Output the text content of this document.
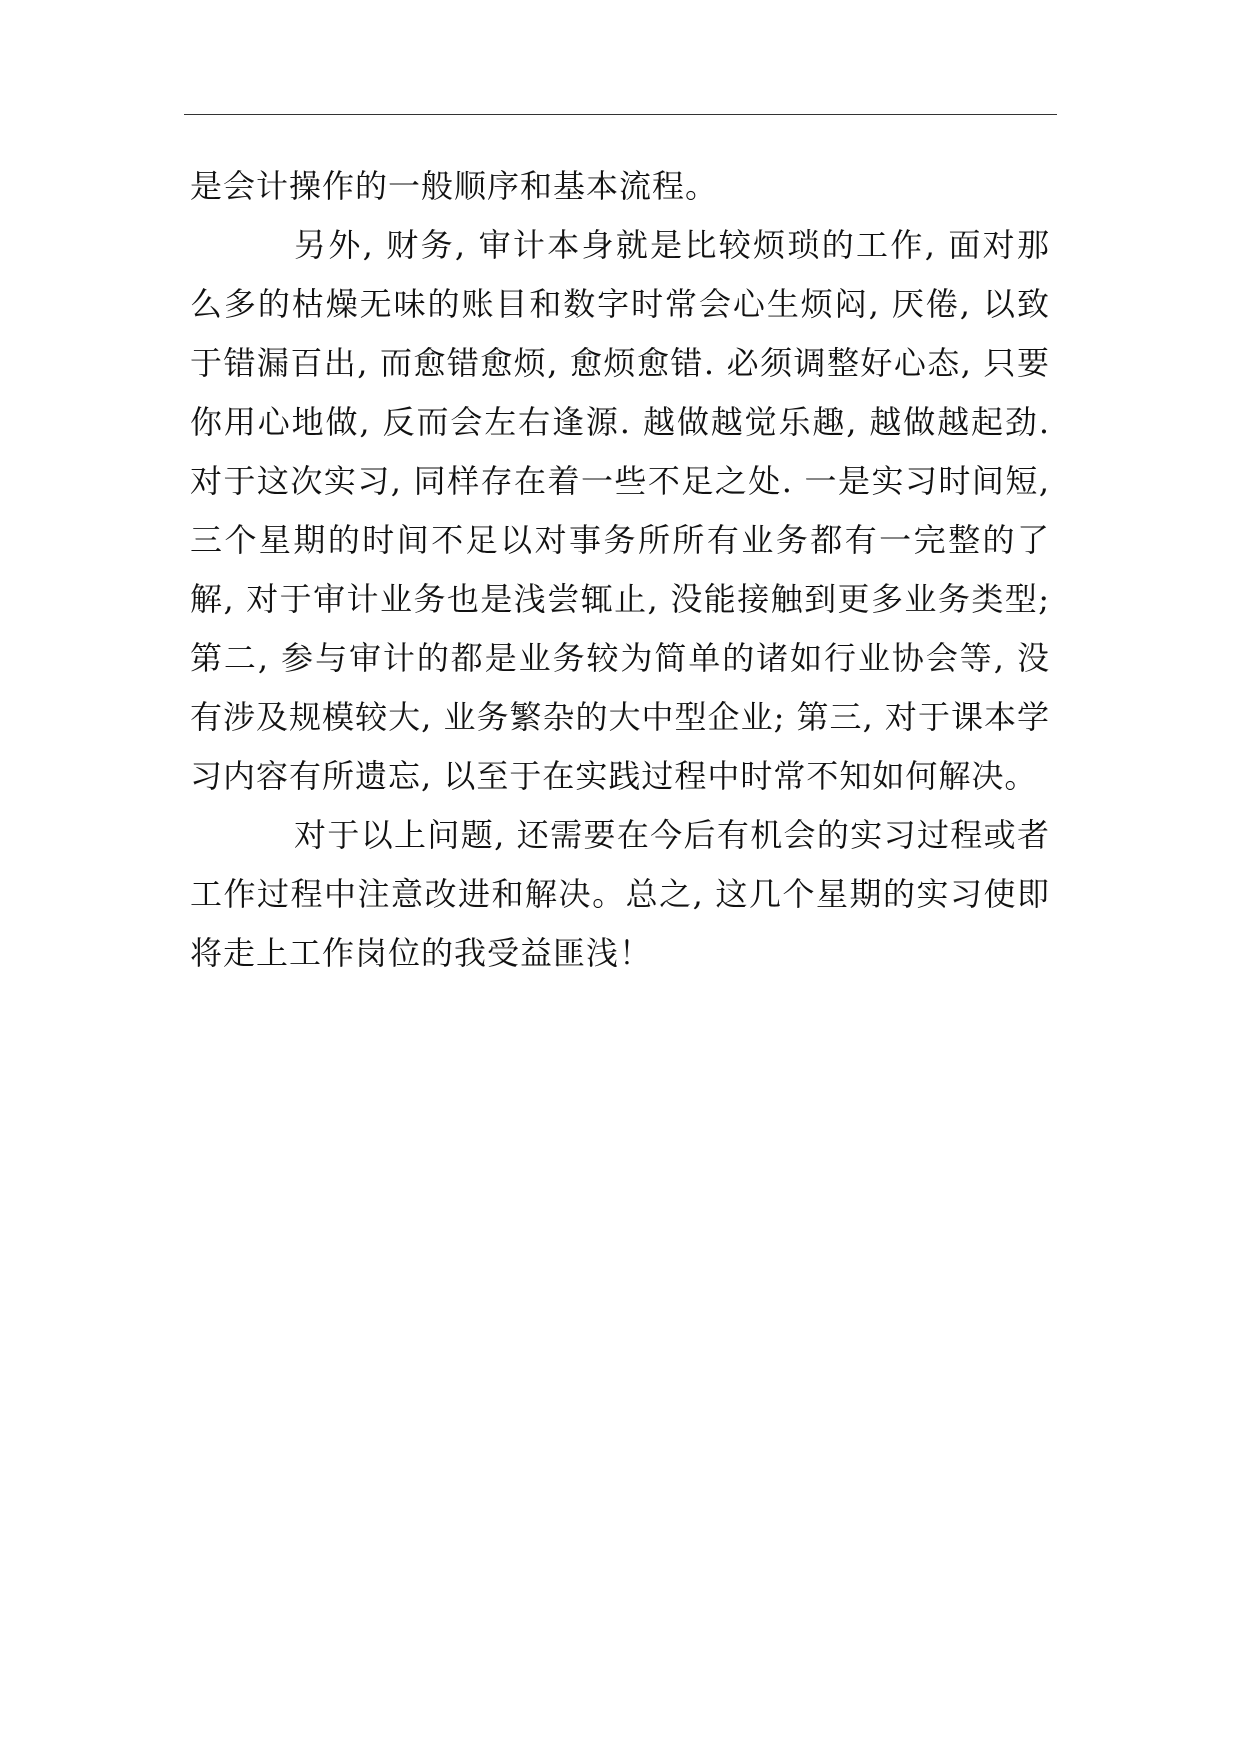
是会计操作的一般顺序和基本流程。

另外, 财务, 审计本身就是比较烦琐的工作, 面对那么多的枯燥无味的账目和数字时常会心生烦闷, 厌倦, 以致于错漏百出, 而愈错愈烦, 愈烦愈错. 必须调整好心态, 只要你用心地做, 反而会左右逢源. 越做越觉乐趣, 越做越起劲. 对于这次实习, 同样存在着一些不足之处. 一是实习时间短, 三个星期的时间不足以对事务所所有业务都有一完整的了解, 对于审计业务也是浅尝辄止, 没能接触到更多业务类型; 第二, 参与审计的都是业务较为简单的诸如行业协会等, 没有涉及规模较大, 业务繁杂的大中型企业; 第三, 对于课本学习内容有所遗忘, 以至于在实践过程中时常不知如何解决。

对于以上问题, 还需要在今后有机会的实习过程或者工作过程中注意改进和解决。总之, 这几个星期的实习使即将走上工作岗位的我受益匪浅！
